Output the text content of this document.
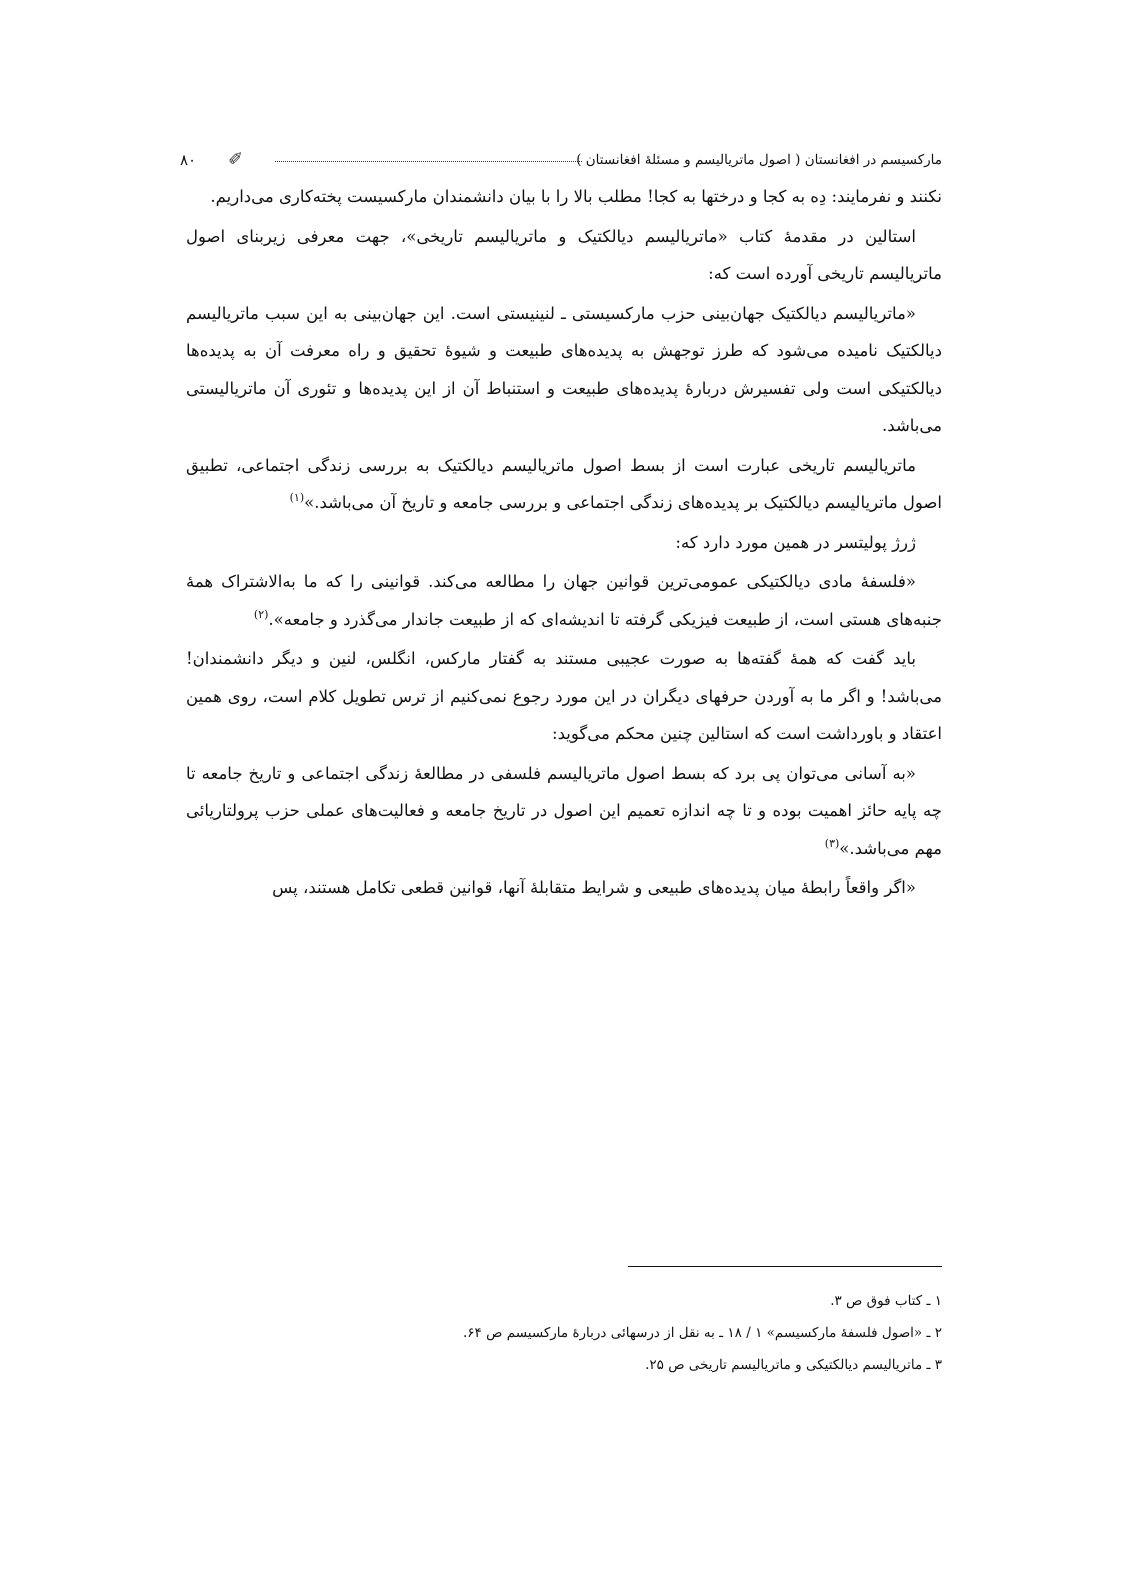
مارکسیسم در افغانستان ( اصول ماتریالیسم و مسئلهٔ افغانستان )
✐
۸۰

نکنند و نفرمایند: دِه به کجا و درختها به کجا! مطلب بالا را با بیان دانشمندان مارکسیست پخته‌کاری می‌داریم.

استالین در مقدمهٔ کتاب «ماتریالیسم دیالکتیک و ماتریالیسم تاریخی»، جهت معرفی زیربنای اصول ماتریالیسم تاریخی آورده است که:

«ماتریالیسم دیالکتیک جهان‌بینی حزب مارکسیستی ـ لنینیستی است. این جهان‌بینی به این سبب ماتریالیسم دیالکتیک نامیده می‌شود که طرز توجهش به پدیده‌های طبیعت و شیوهٔ تحقیق و راه معرفت آن به پدیده‌ها دیالکتیکی است ولی تفسیرش دربارهٔ پدیده‌های طبیعت و استنباط آن از این پدیده‌ها و تئوری آن ماتریالیستی می‌باشد.

ماتریالیسم تاریخی عبارت است از بسط اصول ماتریالیسم دیالکتیک به بررسی زندگی اجتماعی، تطبیق اصول ماتریالیسم دیالکتیک بر پدیده‌های زندگی اجتماعی و بررسی جامعه و تاریخ آن می‌باشد.»$^{(۱)}$

ژرژ پولیتسر در همین مورد دارد که:

«فلسفهٔ مادی دیالکتیکی عمومی‌ترین قوانین جهان را مطالعه می‌کند. قوانینی را که ما به‌الاشتراک همهٔ جنبه‌های هستی است، از طبیعت فیزیکی گرفته تا اندیشه‌ای که از طبیعت جاندار می‌گذرد و جامعه».$^{(۲)}$

باید گفت که همهٔ گفته‌ها به صورت عجیبی مستند به گفتار مارکس، انگلس، لنین و دیگر دانشمندان! می‌باشد! و اگر ما به آوردن حرفهای دیگران در این مورد رجوع نمی‌کنیم از ترس تطویل کلام است، روی همین اعتقاد و باورداشت است که استالین چنین محکم می‌گوید:

«به آسانی می‌توان پی برد که بسط اصول ماتریالیسم فلسفی در مطالعهٔ زندگی اجتماعی و تاریخ جامعه تا چه پایه حائز اهمیت بوده و تا چه اندازه تعمیم این اصول در تاریخ جامعه و فعالیت‌های عملی حزب پرولتاریائی مهم می‌باشد.»$^{(۳)}$

«اگر واقعاً رابطهٔ میان پدیده‌های طبیعی و شرایط متقابلهٔ آنها، قوانین قطعی تکامل هستند، پس

۱ ـ کتاب فوق ص ۳.
۲ ـ «اصول فلسفهٔ مارکسیسم» ۱ / ۱۸ ـ به نقل از درسهائی دربارهٔ مارکسیسم ص ۶۴.
۳ ـ ماتریالیسم دیالکتیکی و ماتریالیسم تاریخی ص ۲۵.
